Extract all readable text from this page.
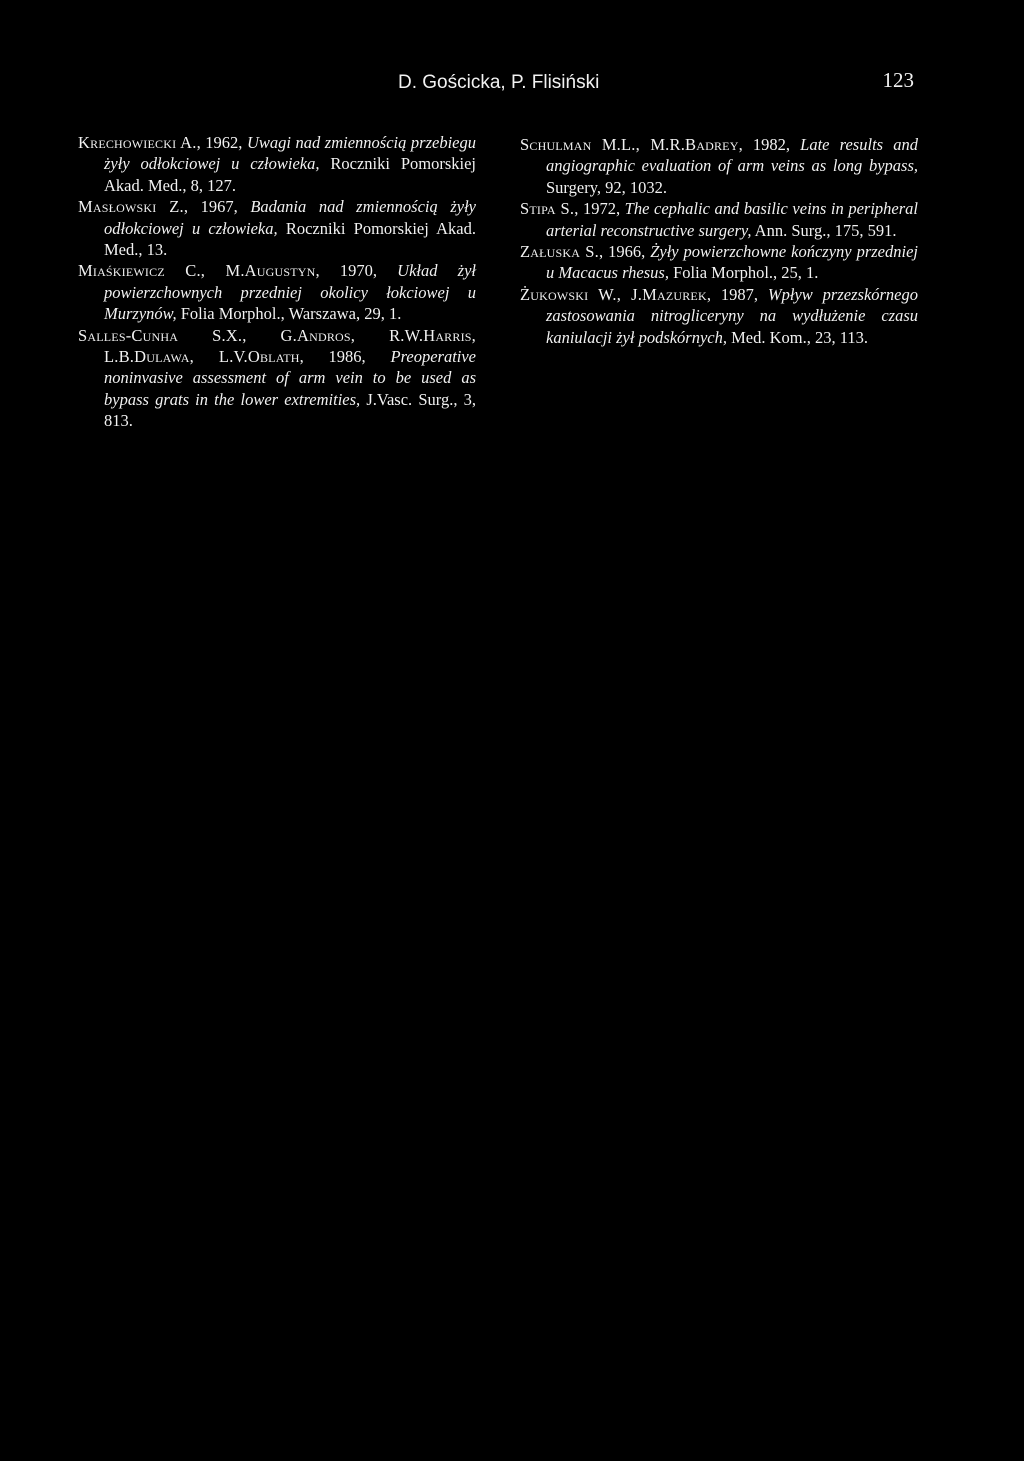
D. Gościcka, P. Flisiński	123

Krechowiecki A., 1962, Uwagi nad zmiennością przebiegu żyły odłokciowej u człowieka, Roczniki Pomorskiej Akad. Med., 8, 127.

Masłowski Z., 1967, Badania nad zmiennością żyły odłokciowej u człowieka, Roczniki Pomorskiej Akad. Med., 13.

Miaśkiewicz C., M.Augustyn, 1970, Układ żył powierzchownych przedniej okolicy łokciowej u Murzynów, Folia Morphol., Warszawa, 29, 1.

Salles-Cunha S.X., G.Andros, R.W.Harris, L.B.Dulawa, L.V.Oblath, 1986, Preoperative noninvasive assessment of arm vein to be used as bypass grats in the lower extremities, J.Vasc. Surg., 3, 813.

Schulman M.L., M.R.Badrey, 1982, Late results and angiographic evaluation of arm veins as long bypass, Surgery, 92, 1032.

Stipa S., 1972, The cephalic and basilic veins in peripheral arterial reconstructive surgery, Ann. Surg., 175, 591.

Załuska S., 1966, Żyły powierzchowne kończyny przedniej u Macacus rhesus, Folia Morphol., 25, 1.

Żukowski W., J.Mazurek, 1987, Wpływ przezskórnego zastosowania nitrogliceryny na wydłużenie czasu kaniulacji żył podskórnych, Med. Kom., 23, 113.
